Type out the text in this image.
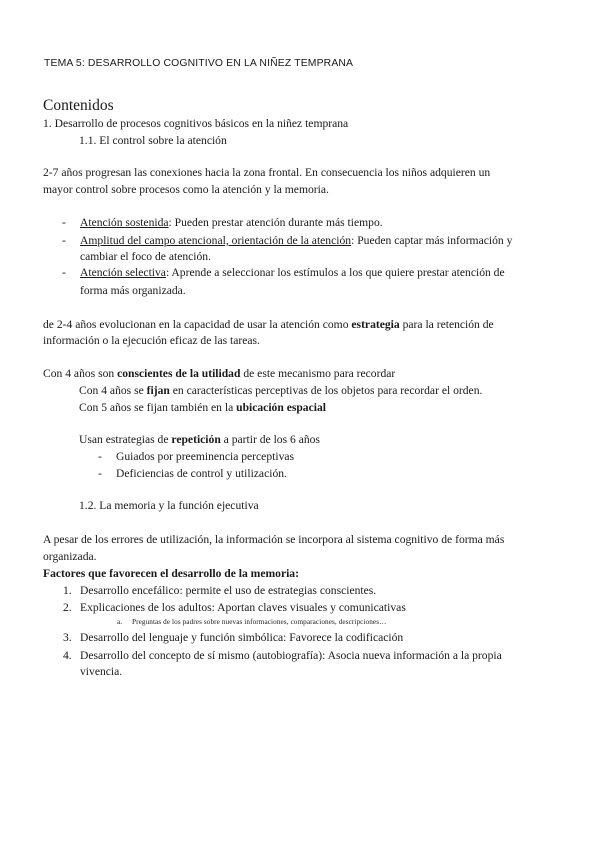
TEMA 5: DESARROLLO COGNITIVO EN LA NIÑEZ TEMPRANA
Contenidos
1. Desarrollo de procesos cognitivos básicos en la niñez temprana
1.1. El control sobre la atención
2-7 años progresan las conexiones hacia la zona frontal. En consecuencia los niños adquieren un
mayor control sobre procesos como la atención y la memoria.
- Atención sostenida: Pueden prestar atención durante más tiempo.
- Amplitud del campo atencional, orientación de la atención: Pueden captar más información y
cambiar el foco de atención.
- Atención selectiva: Aprende a seleccionar los estímulos a los que quiere prestar atención de
forma más organizada.
de 2-4 años evolucionan en la capacidad de usar la atención como estrategia para la retención de
información o la ejecución eficaz de las tareas.
Con 4 años son conscientes de la utilidad de este mecanismo para recordar
Con 4 años se fijan en características perceptivas de los objetos para recordar el orden.
Con 5 años se fijan también en la ubicación espacial
Usan estrategias de repetición a partir de los 6 años
- Guiados por preeminencia perceptivas
- Deficiencias de control y utilización.
1.2. La memoria y la función ejecutiva
A pesar de los errores de utilización, la información se incorpora al sistema cognitivo de forma más
organizada.
Factores que favorecen el desarrollo de la memoria:
1. Desarrollo encefálico: permite el uso de estrategias conscientes.
2. Explicaciones de los adultos: Aportan claves visuales y comunicativas
a. Preguntas de los padres sobre nuevas informaciones, comparaciones, descripciones…
3. Desarrollo del lenguaje y función simbólica: Favorece la codificación
4. Desarrollo del concepto de sí mismo (autobiografía): Asocia nueva información a la propia
vivencia.
